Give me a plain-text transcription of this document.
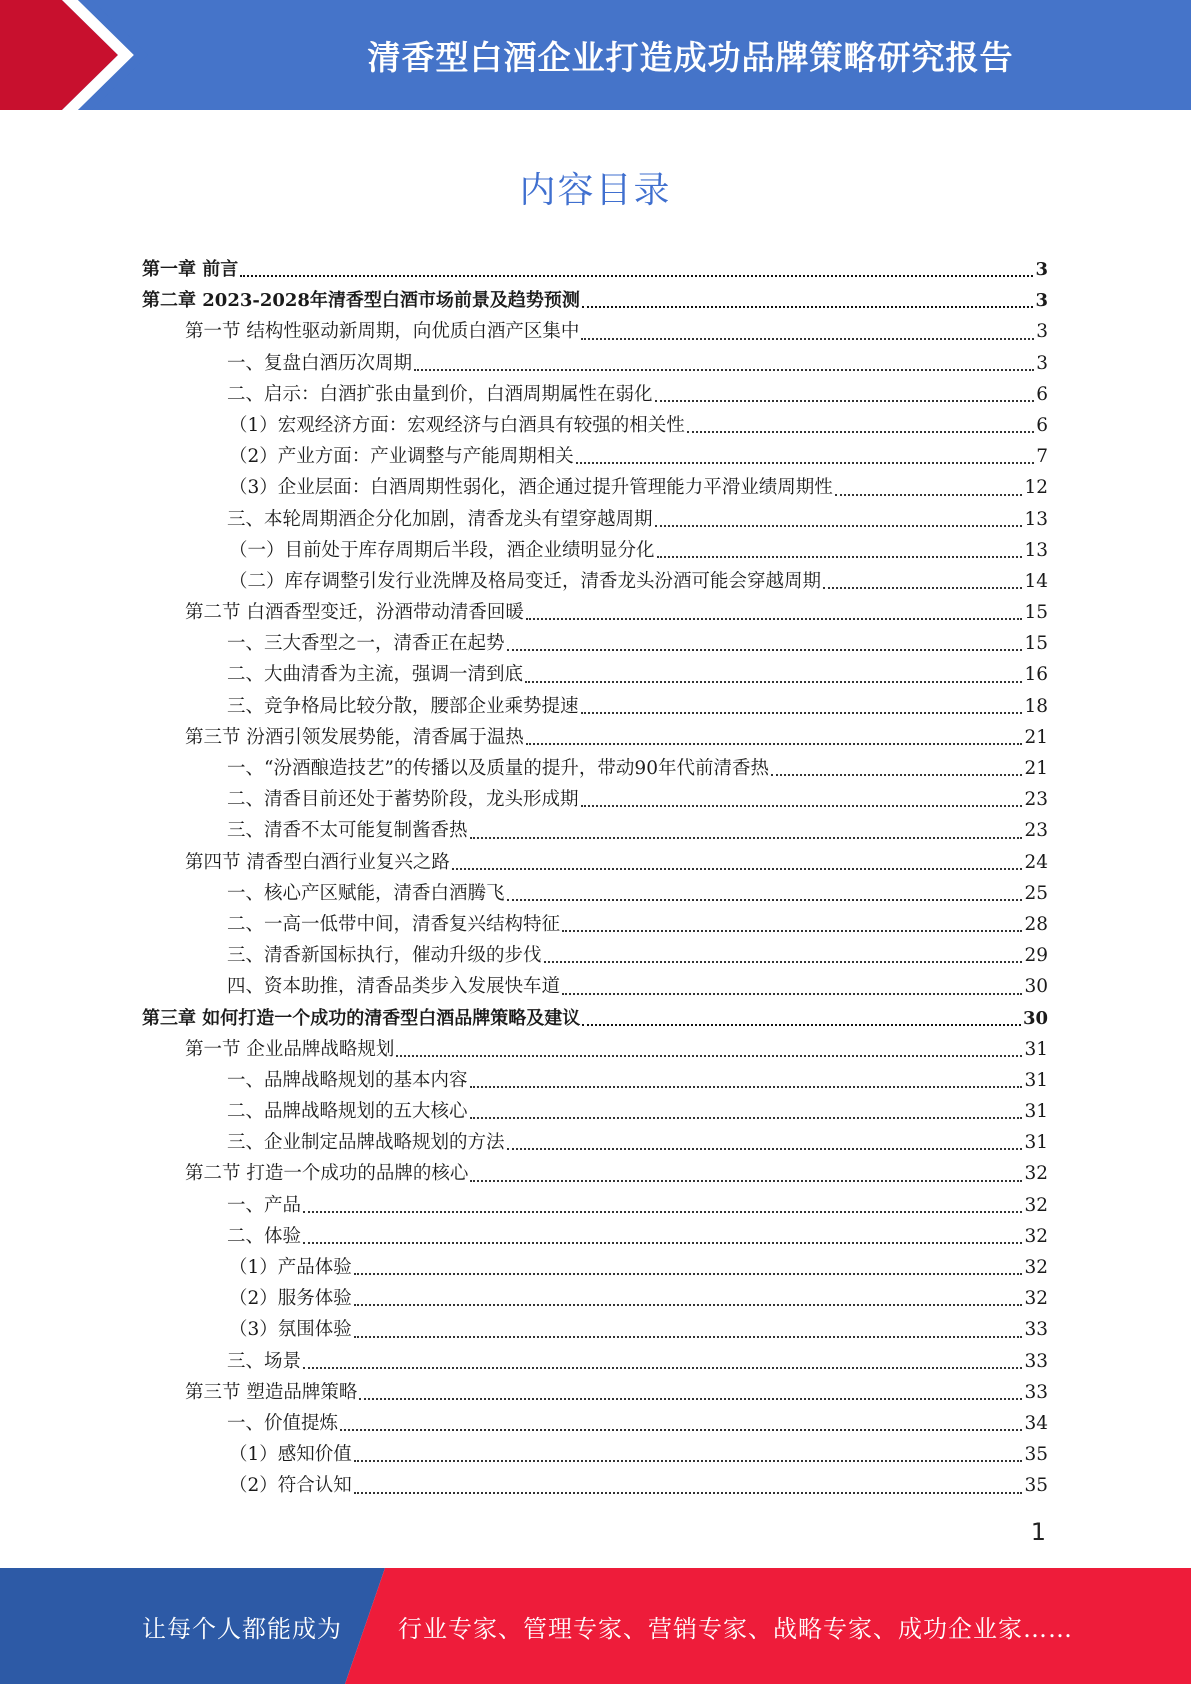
清香型白酒企业打造成功品牌策略研究报告
内容目录
第一章 前言	3
第二章 2023-2028年清香型白酒市场前景及趋势预测	3
第一节 结构性驱动新周期，向优质白酒产区集中	3
一、复盘白酒历次周期	3
二、启示：白酒扩张由量到价，白酒周期属性在弱化	6
（1）宏观经济方面：宏观经济与白酒具有较强的相关性	6
（2）产业方面：产业调整与产能周期相关	7
（3）企业层面：白酒周期性弱化，酒企通过提升管理能力平滑业绩周期性	12
三、本轮周期酒企分化加剧，清香龙头有望穿越周期	13
（一）目前处于库存周期后半段，酒企业绩明显分化	13
（二）库存调整引发行业洗牌及格局变迁，清香龙头汾酒可能会穿越周期	14
第二节 白酒香型变迁，汾酒带动清香回暖	15
一、三大香型之一，清香正在起势	15
二、大曲清香为主流，强调一清到底	16
三、竞争格局比较分散，腰部企业乘势提速	18
第三节 汾酒引领发展势能，清香属于温热	21
一、“汾酒酿造技艺”的传播以及质量的提升，带动90年代前清香热	21
二、清香目前还处于蓄势阶段，龙头形成期	23
三、清香不太可能复制酱香热	23
第四节 清香型白酒行业复兴之路	24
一、核心产区赋能，清香白酒腾飞	25
二、一高一低带中间，清香复兴结构特征	28
三、清香新国标执行，催动升级的步伐	29
四、资本助推，清香品类步入发展快车道	30
第三章 如何打造一个成功的清香型白酒品牌策略及建议	30
第一节 企业品牌战略规划	31
一、品牌战略规划的基本内容	31
二、品牌战略规划的五大核心	31
三、企业制定品牌战略规划的方法	31
第二节 打造一个成功的品牌的核心	32
一、产品	32
二、体验	32
（1）产品体验	32
（2）服务体验	32
（3）氛围体验	33
三、场景	33
第三节 塑造品牌策略	33
一、价值提炼	34
（1）感知价值	35
（2）符合认知	35
1
让每个人都能成为 行业专家、管理专家、营销专家、战略专家、成功企业家……
